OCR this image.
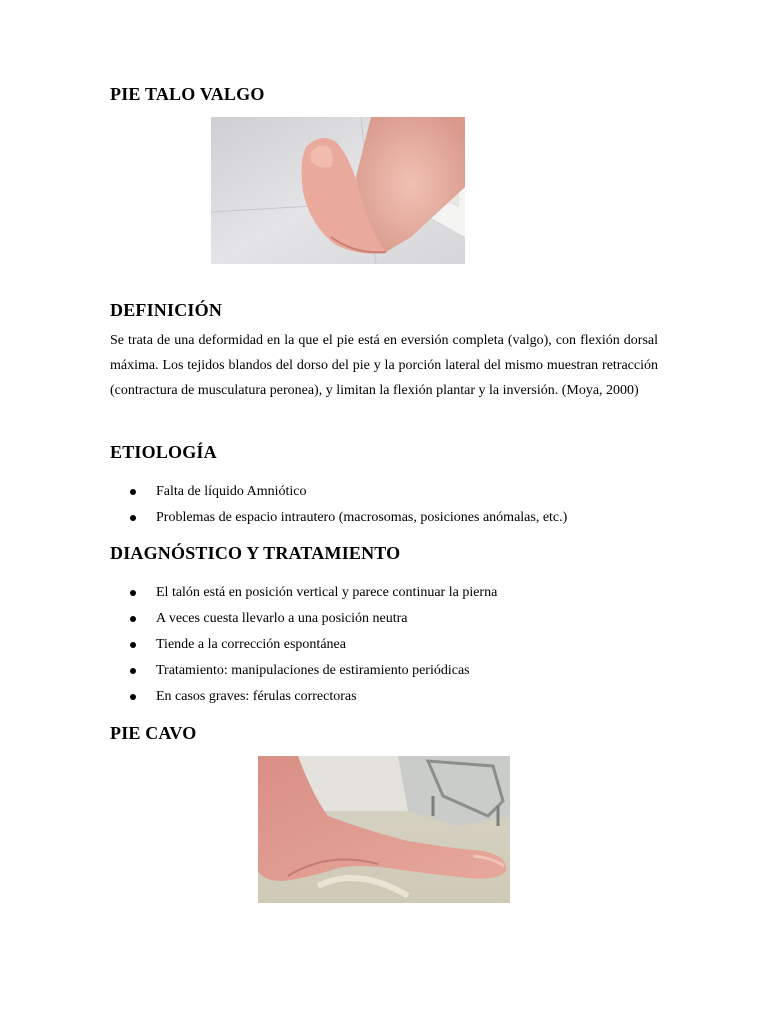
PIE TALO VALGO
DEFINICIÓN

Se trata de una deformidad en la que el pie está en eversión completa (valgo), con flexión dorsal máxima. Los tejidos blandos del dorso del pie y la porción lateral del mismo muestran retracción (contractura de musculatura peronea), y limitan la flexión plantar y la inversión. (Moya, 2000)

ETIOLOGÍA
Falta de líquido Amniótico
Problemas de espacio intrautero (macrosomas, posiciones anómalas, etc.)
DIAGNÓSTICO Y TRATAMIENTO
El talón está en posición vertical y parece continuar la pierna
A veces cuesta llevarlo a una posición neutra
Tiende a la corrección espontánea
Tratamiento: manipulaciones de estiramiento periódicas
En casos graves: férulas correctoras
PIE CAVO
